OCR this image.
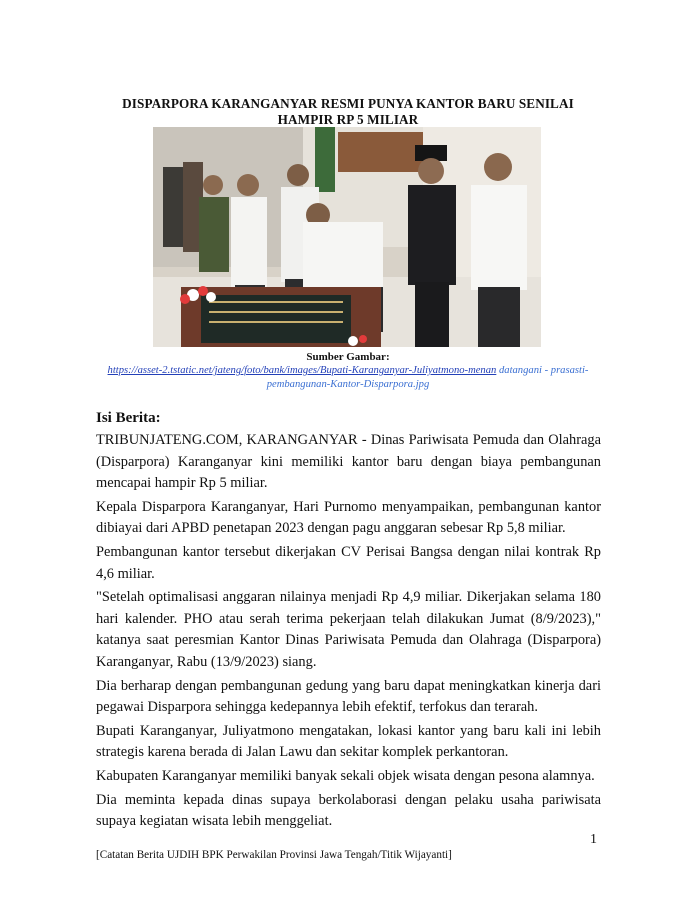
DISPARPORA KARANGANYAR RESMI PUNYA KANTOR BARU SENILAI HAMPIR RP 5 MILIAR
Sumber Gambar:
https://asset-2.tstatic.net/jateng/foto/bank/images/Bupati-Karanganyar-Juliyatmono-menan datangani - prasasti-pembangunan-Kantor-Disparpora.jpg
Isi Berita:

TRIBUNJATENG.COM, KARANGANYAR - Dinas Pariwisata Pemuda dan Olahraga (Disparpora) Karanganyar kini memiliki kantor baru dengan biaya pembangunan mencapai hampir Rp 5 miliar.

Kepala Disparpora Karanganyar, Hari Purnomo menyampaikan, pembangunan kantor dibiayai dari APBD penetapan 2023 dengan pagu anggaran sebesar Rp 5,8 miliar.

Pembangunan kantor tersebut dikerjakan CV Perisai Bangsa dengan nilai kontrak Rp 4,6 miliar.

"Setelah optimalisasi anggaran nilainya menjadi Rp 4,9 miliar. Dikerjakan selama 180 hari kalender. PHO atau serah terima pekerjaan telah dilakukan Jumat (8/9/2023)," katanya saat peresmian Kantor Dinas Pariwisata Pemuda dan Olahraga (Disparpora) Karanganyar, Rabu (13/9/2023) siang.

Dia berharap dengan pembangunan gedung yang baru dapat meningkatkan kinerja dari pegawai Disparpora sehingga kedepannya lebih efektif, terfokus dan terarah.

Bupati Karanganyar, Juliyatmono mengatakan, lokasi kantor yang baru kali ini lebih strategis karena berada di Jalan Lawu dan sekitar komplek perkantoran.

Kabupaten Karanganyar memiliki banyak sekali objek wisata dengan pesona alamnya.

Dia meminta kepada dinas supaya berkolaborasi dengan pelaku usaha pariwisata supaya kegiatan wisata lebih menggeliat.

1
[Catatan Berita UJDIH BPK Perwakilan Provinsi Jawa Tengah/Titik Wijayanti]
